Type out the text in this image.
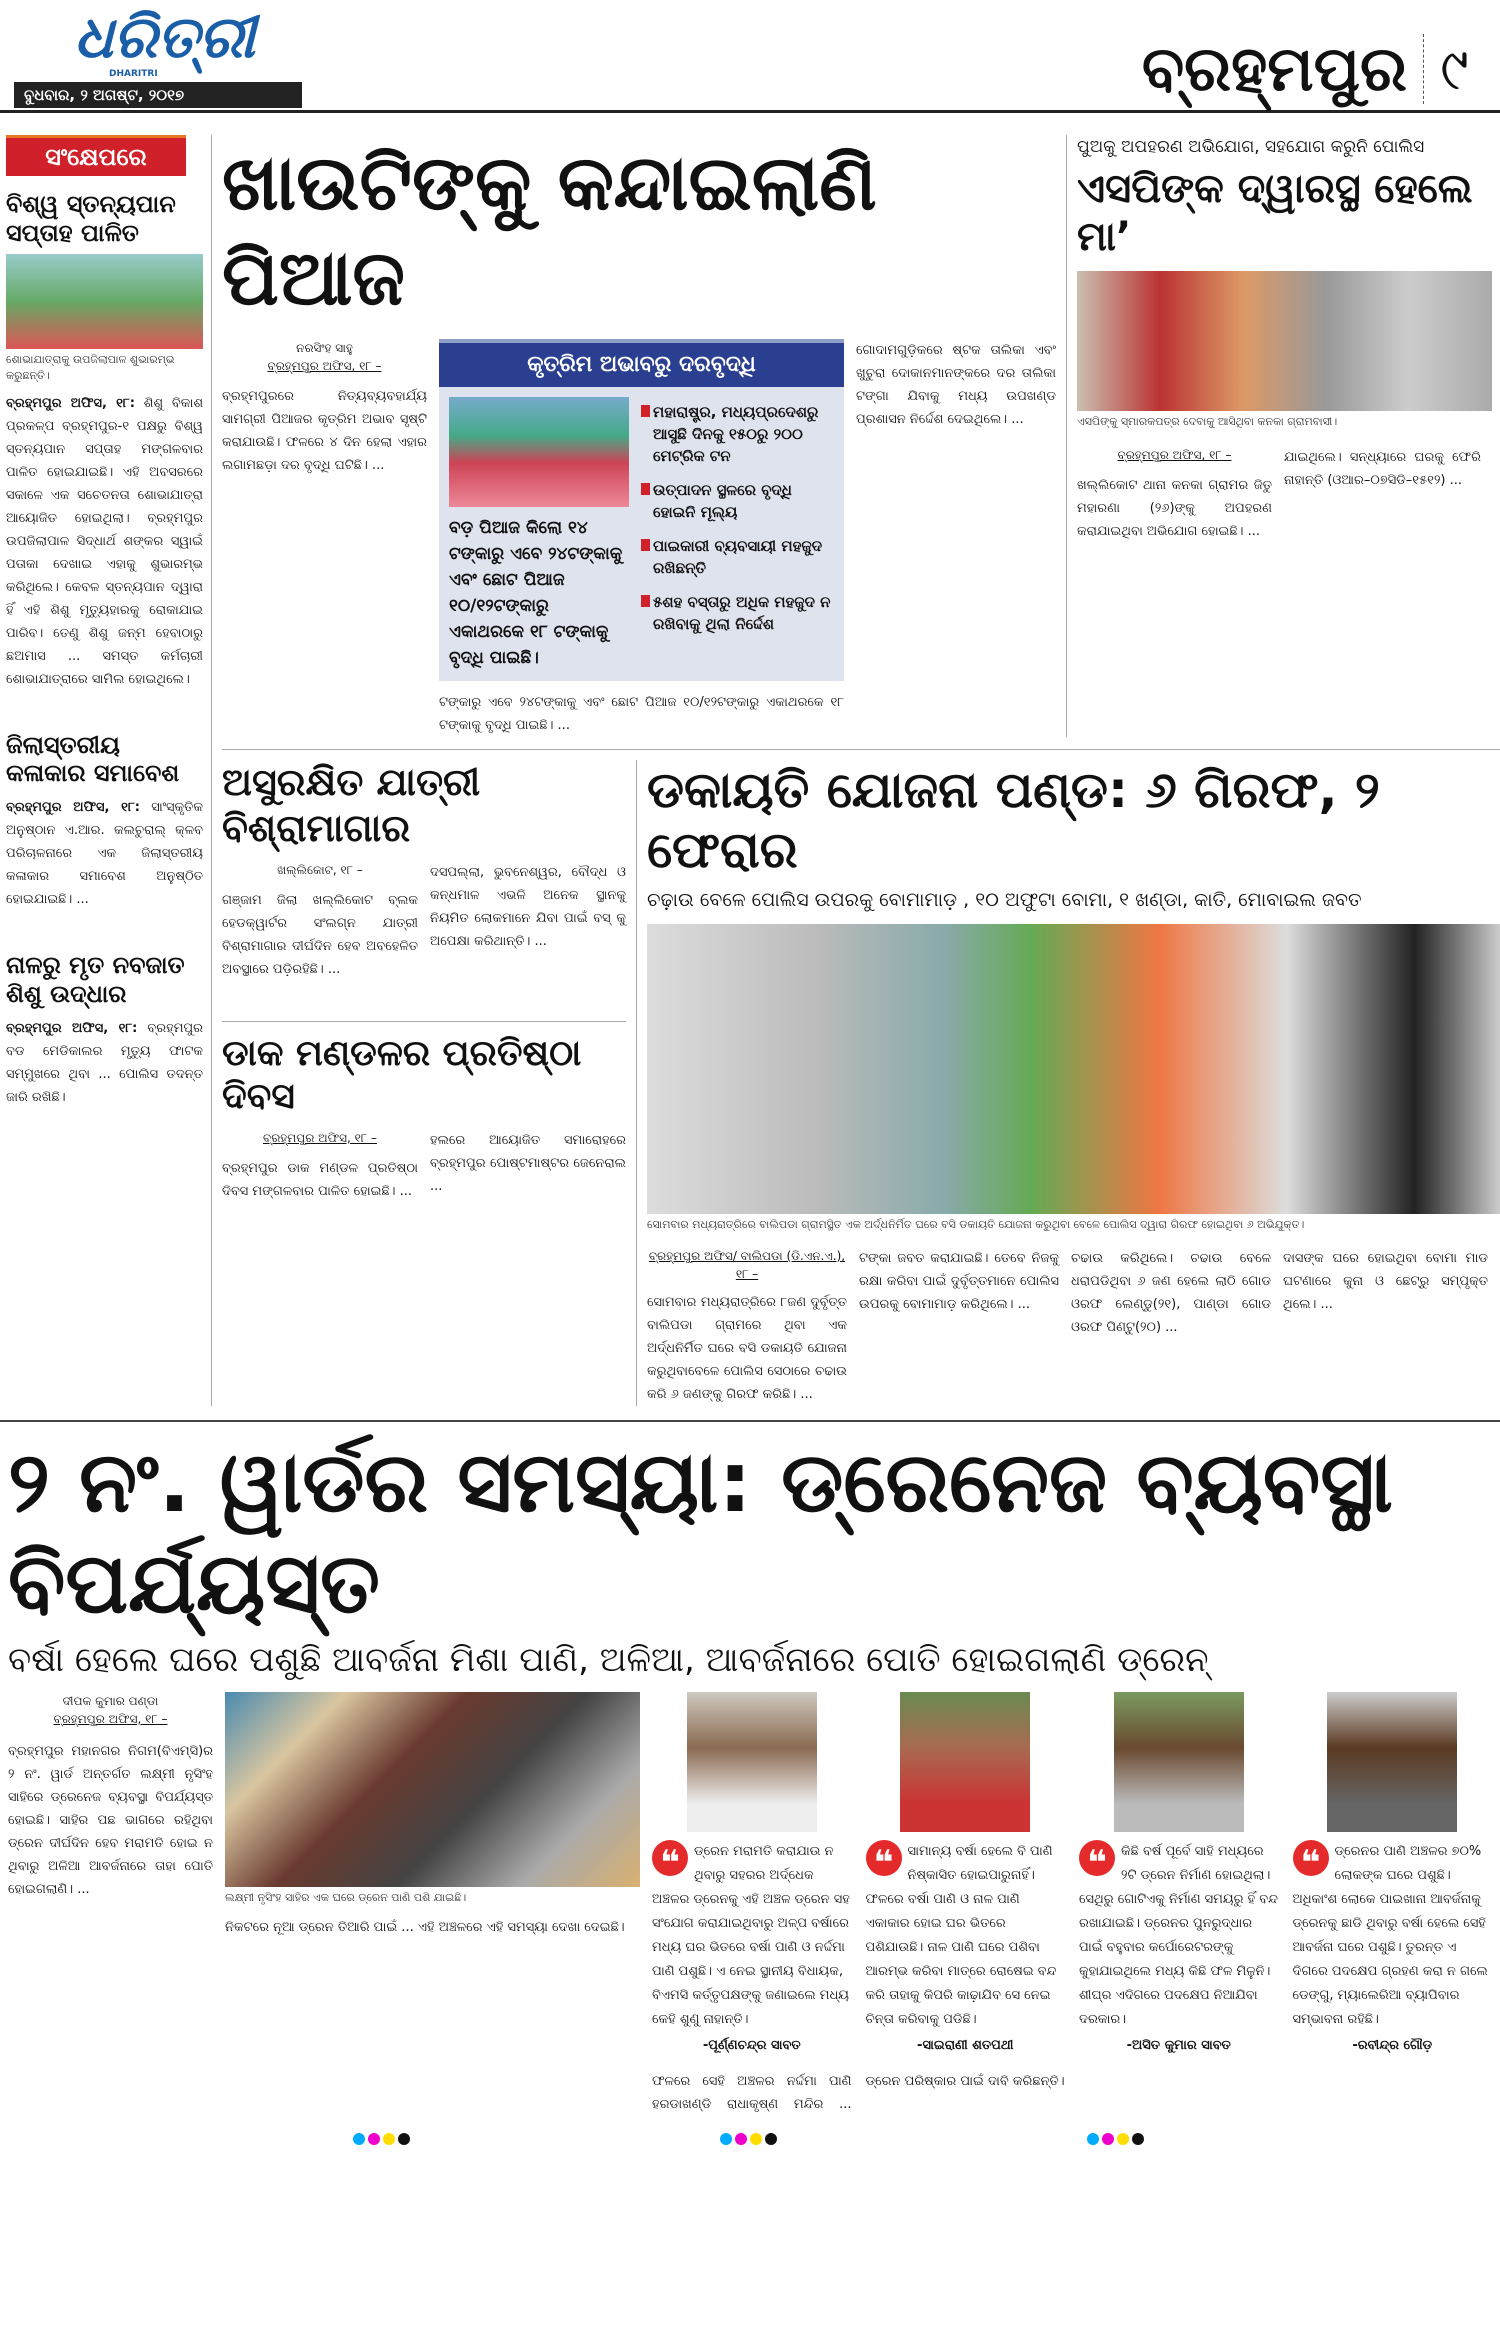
ଧରିତ୍ରୀ
DHARITRI
ବୁଧବାର, ୨ ଅଗଷ୍ଟ, ୨୦୧୭	ବ୍ରହ୍ମପୁର ୯
ସଂକ୍ଷେପରେ
ବିଶ୍ୱ ସ୍ତନ୍ୟପାନ ସପ୍ତାହ ପାଳିତ
ଶୋଭାଯାତ୍ରାକୁ ଉପଜିଲାପାଳ ଶୁଭାରମ୍ଭ କରୁଛନ୍ତି।

ବ୍ରହ୍ମପୁର ଅଫିସ, ୧୮: ଶିଶୁ ବିକାଶ ପ୍ରକଳ୍ପ ବ୍ରହ୍ମପୁର-୧ ପକ୍ଷରୁ ବିଶ୍ୱ ସ୍ତନ୍ୟପାନ ସପ୍ତାହ ମଙ୍ଗଳବାର ପାଳିତ ହୋଇଯାଇଛି। ଏହି ଅବସରରେ ସକାଳେ ଏକ ସଚେତନତା ଶୋଭାଯାତ୍ରା ଆୟୋଜିତ ହୋଇଥିଲା। ବ୍ରହ୍ମପୁର ଉପଜିଲାପାଳ ସିଦ୍ଧାର୍ଥ ଶଙ୍କର ସ୍ୱାଇଁ ପତାକା ଦେଖାଇ ଏହାକୁ ଶୁଭାରମ୍ଭ କରିଥିଲେ। କେବଳ ସ୍ତନ୍ୟପାନ ଦ୍ୱାରା ହିଁ ଏହି ଶିଶୁ ମୃତ୍ୟୁହାରକୁ ରୋକାଯାଇ ପାରିବ। ତେଣୁ ଶିଶୁ ଜନ୍ମ ହେବାଠାରୁ ଛଅମାସ ... ସମସ୍ତ କର୍ମଚାରୀ ଶୋଭାଯାତ୍ରାରେ ସାମିଲ ହୋଇଥିଲେ।

ଜିଲାସ୍ତରୀୟ କଳାକାର ସମାବେଶ

ବ୍ରହ୍ମପୁର ଅଫିସ, ୧୮: ସାଂସ୍କୃତିକ ଅନୁଷ୍ଠାନ ଏ.ଆର. କଲଚୁରାଲ୍ କ୍ଳବ ପରିଚାଳନାରେ ଏକ ଜିଲାସ୍ତରୀୟ କଳାକାର ସମାବେଶ ଅନୁଷ୍ଠିତ ହୋଇଯାଇଛି। ...

ନାଳରୁ ମୃତ ନବଜାତ ଶିଶୁ ଉଦ୍ଧାର

ବ୍ରହ୍ମପୁର ଅଫିସ, ୧୮: ବ୍ରହ୍ମପୁର ବଡ ମେଡିକାଲର ମୃତ୍ୟୁ ଫାଟକ ସମ୍ମୁଖରେ ଥିବା ... ପୋଲିସ ତଦନ୍ତ ଜାରି ରଖିଛି।

ଖାଉଟିଙ୍କୁ କନ୍ଦାଇଲାଣି ପିଆଜ
ନରସିଂହ ସାହୁ
ବ୍ରହ୍ମପୁର ଅଫିସ, ୧୮ –

ବ୍ରହ୍ମପୁରରେ ନିତ୍ୟବ୍ୟବହାର୍ଯ୍ୟ ସାମଗ୍ରୀ ପିଆଜର କୃତ୍ରିମ ଅଭାବ ସୃଷ୍ଟି କରାଯାଉଛି। ଫଳରେ ୪ ଦିନ ହେଲା ଏହାର ଲଗାମଛଡ଼ା ଦର ବୃଦ୍ଧି ଘଟିଛି। ...

କୃତ୍ରିମ ଅଭାବରୁ ଦରବୃଦ୍ଧି

ବଡ଼ ପିଆଜ କିଲୋ ୧୪ ଟଙ୍କାରୁ ଏବେ ୨୪ଟଙ୍କାକୁ ଏବଂ ଛୋଟ ପିଆଜ ୧୦/୧୨ଟଙ୍କାରୁ ଏକାଥରକେ ୧୮ ଟଙ୍କାକୁ ବୃଦ୍ଧି ପାଇଛି।

ମହାରାଷ୍ଟ୍ର, ମଧ୍ୟପ୍ରଦେଶରୁ ଆସୁଛି ଦିନକୁ ୧୫୦ରୁ ୨୦୦ ମେଟ୍ରିକ ଟନ
ଉତ୍ପାଦନ ସ୍ଥଳରେ ବୃଦ୍ଧି ହୋଇନି ମୂଲ୍ୟ
ପାଇକାରୀ ବ୍ୟବସାୟୀ ମହଜୁଦ ରଖିଛନ୍ତି
୫ଶହ ବସ୍ତାରୁ ଅଧିକ ମହଜୁଦ ନ ରଖିବାକୁ ଥିଲା ନିର୍ଦ୍ଦେଶ

ଟଙ୍କାରୁ ଏବେ ୨୪ଟଙ୍କାକୁ ଏବଂ ଛୋଟ ପିଆଜ ୧୦/୧୨ଟଙ୍କାରୁ ଏକାଥରକେ ୧୮ ଟଙ୍କାକୁ ବୃଦ୍ଧି ପାଇଛି। ...

ଗୋଦାମଗୁଡ଼ିକରେ ଷ୍ଟକ ତାଲିକା ଏବଂ ଖୁଚୁରା ଦୋକାନମାନଙ୍କରେ ଦର ତାଲିକା ଟଙ୍ଗା ଯିବାକୁ ମଧ୍ୟ ଉପଖଣ୍ଡ ପ୍ରଶାସନ ନିର୍ଦ୍ଦେଶ ଦେଇଥିଲେ। ...

ପୁଅକୁ ଅପହରଣ ଅଭିଯୋଗ, ସହଯୋଗ କରୁନି ପୋଲିସ
ଏସପିଙ୍କ ଦ୍ୱାରସ୍ଥ ହେଲେ ମା’
ଏସପିଙ୍କୁ ସ୍ମାରକପତ୍ର ଦେବାକୁ ଆସିଥିବା କନକା ଗ୍ରାମବାସୀ।
ବ୍ରହ୍ମପୁର ଅଫିସ, ୧୮ –

ଖଲ୍ଲିକୋଟ ଥାନା କନକା ଗ୍ରାମର ଜିତୁ ମହାରଣା (୨୬)ଙ୍କୁ ଅପହରଣ କରାଯାଇଥିବା ଅଭିଯୋଗ ହୋଇଛି। ...

ଯାଇଥିଲେ। ସନ୍ଧ୍ୟାରେ ଘରକୁ ଫେରି ନାହାନ୍ତି (ଓଆର–୦୭ସିଡି–୧୫୧୨) ...

ଅସୁରକ୍ଷିତ ଯାତ୍ରୀ ବିଶ୍ରାମାଗାର
ଖଲ୍ଲିକୋଟ, ୧୮ –

ଗଞ୍ଜାମ ଜିଲା ଖଲ୍ଲିକୋଟ ବ୍ଲକ ହେଡକ୍ୱାର୍ଟର ସଂଲଗ୍ନ ଯାତ୍ରୀ ବିଶ୍ରାମାଗାର ଦୀର୍ଘଦିନ ହେବ ଅବହେଳିତ ଅବସ୍ଥାରେ ପଡ଼ିରହିଛି। ...

ଦସପଲ୍ଲା, ଭୁବନେଶ୍ୱର, ବୌଦ୍ଧ ଓ କନ୍ଧମାଳ ଏଭଳି ଅନେକ ସ୍ଥାନକୁ ନିୟମିତ ଲୋକମାନେ ଯିବା ପାଇଁ ବସ୍ କୁ ଅପେକ୍ଷା କରିଥାନ୍ତି। ...

ଡାକ ମଣ୍ଡଳର ପ୍ରତିଷ୍ଠା ଦିବସ
ବ୍ରହ୍ମପୁର ଅଫିସ, ୧୮ –

ବ୍ରହ୍ମପୁର ଡାକ ମଣ୍ଡଳ ପ୍ରତିଷ୍ଠା ଦିବସ ମଙ୍ଗଳବାର ପାଳିତ ହୋଇଛି। ...

ହଲରେ ଆୟୋଜିତ ସମାରୋହରେ ବ୍ରହ୍ମପୁର ପୋଷ୍ଟମାଷ୍ଟର ଜେନେରାଲ ...

ଡକାୟତି ଯୋଜନା ପଣ୍ଡ: ୬ ଗିରଫ, ୨ ଫେରାର
ଚଢ଼ାଉ ବେଳେ ପୋଲିସ ଉପରକୁ ବୋମାମାଡ଼ , ୧୦ ଅଫୁଟା ବୋମା, ୧ ଖଣ୍ଡା, କାତି, ମୋବାଇଲ ଜବତ
ସୋମବାର ମଧ୍ୟରାତ୍ରିରେ ବାଲିପଡା ଗ୍ରାମସ୍ଥିତ ଏକ ଅର୍ଦ୍ଧନିର୍ମିତ ଘରେ ବସି ଡକାୟତି ଯୋଜନା କରୁଥିବା ବେଳେ ପୋଲିସ ଦ୍ୱାରା ଗିରଫ ହୋଇଥିବା ୬ ଅଭିଯୁକ୍ତ।
ବ୍ରହ୍ମପୁର ଅଫିସ/ ବାଲିପଡା (ଡି.ଏନ.ଏ.), ୧୮ –

ସୋମବାର ମଧ୍ୟରାତ୍ରିରେ ୮ଜଣ ଦୁର୍ବୃତ୍ତ ବାଲିପଡା ଗ୍ରାମରେ ଥିବା ଏକ ଅର୍ଦ୍ଧନିର୍ମିତ ଘରେ ବସି ଡକାୟତି ଯୋଜନା କରୁଥିବାବେଳେ ପୋଲିସ ସେଠାରେ ଚଢାଉ କରି ୬ ଜଣଙ୍କୁ ଗିରଫ କରିଛି। ...

ଟଙ୍କା ଜବତ କରାଯାଇଛି। ତେବେ ନିଜକୁ ରକ୍ଷା କରିବା ପାଇଁ ଦୁର୍ବୃତ୍ତମାନେ ପୋଲିସ ଉପରକୁ ବୋମାମାଡ଼ କରିଥିଲେ। ...

ଚଢାଉ କରିଥିଲେ। ଚଢାଉ ବେଳେ ଧରାପଡିଥିବା ୬ ଜଣ ହେଲେ ଲାଠି ଗୋଡ ଓରଫ ଲେଣ୍ଡୁ(୨୧), ପାଣ୍ଡା ଗୋଡ ଓରଫ ପିଣ୍ଟୁ(୨୦) ...

ଦାସଙ୍କ ଘରେ ହୋଇଥିବା ବୋମା ମାଡ ଘଟଣାରେ କୁନା ଓ ଛେଟ୍ରୁ ସମ୍ପୃକ୍ତ ଥିଲେ। ...

୨ ନଂ. ୱାର୍ଡର ସମସ୍ୟା: ଡ୍ରେନେଜ ବ୍ୟବସ୍ଥା ବିପର୍ଯ୍ୟସ୍ତ
ବର୍ଷା ହେଲେ ଘରେ ପଶୁଛି ଆବର୍ଜନା ମିଶା ପାଣି, ଅଳିଆ, ଆବର୍ଜନାରେ ପୋତି ହୋଇଗଲାଣି ଡ୍ରେନ୍
ଦୀପକ କୁମାର ପଣ୍ଡା
ବ୍ରହ୍ମପୁର ଅଫିସ, ୧୮ –

ବ୍ରହ୍ମପୁର ମହାନଗର ନିଗମ(ବିଏମ୍‌ସି)ର ୨ ନଂ. ୱାର୍ଡ ଅନ୍ତର୍ଗତ ଲକ୍ଷ୍ମୀ ନୃସିଂହ ସାହିରେ ଡ୍ରେନେଜ ବ୍ୟବସ୍ଥା ବିପର୍ଯ୍ୟସ୍ତ ହୋଇଛି। ସାହିର ପଛ ଭାଗରେ ରହିଥିବା ଡ୍ରେନ ଦୀର୍ଘଦିନ ହେବ ମରାମତି ହୋଇ ନ ଥିବାରୁ ଅଳିଆ ଆବର୍ଜନାରେ ତାହା ପୋତି ହୋଇଗଲାଣି। ...

ଲକ୍ଷ୍ମୀ ନୃସିଂହ ସାହିର ଏକ ଘରେ ଡ୍ରେନ ପାଣି ପଶି ଯାଇଛି।

ନିକଟରେ ନୂଆ ଡ୍ରେନ ତିଆରି ପାଇଁ ... ଏହି ଅଞ୍ଚଳରେ ଏହି ସମସ୍ୟା ଦେଖା ଦେଇଛି।

❝	ଡ୍ରେନ ମରାମତି କରାଯାଉ ନ ଥିବାରୁ ସହରର ଅର୍ଦ୍ଧେକ ଅଞ୍ଚଳର ଡ୍ରେନକୁ ଏହି ଅଞ୍ଚଳ ଡ୍ରେନ ସହ ସଂଯୋଗ କରାଯାଇଥିବାରୁ ଅଳ୍ପ ବର୍ଷାରେ ମଧ୍ୟ ଘର ଭିତରେ ବର୍ଷା ପାଣି ଓ ନର୍ଦ୍ଦମା ପାଣି ପଶୁଛି। ଏ ନେଇ ସ୍ଥାନୀୟ ବିଧାୟକ, ବିଏମସି କର୍ତ୍ତୃପକ୍ଷଙ୍କୁ ଜଣାଇଲେ ମଧ୍ୟ କେହି ଶୁଣୁ ନାହାନ୍ତି।
-ପୂର୍ଣ୍ଣଚନ୍ଦ୍ର ସାବତ
❝	ସାମାନ୍ୟ ବର୍ଷା ହେଲେ ବି ପାଣି ନିଷ୍କାସିତ ହୋଇପାରୁନାହିଁ। ଫଳରେ ବର୍ଷା ପାଣି ଓ ନାଳ ପାଣି ଏକାକାର ହୋଇ ଘର ଭିତରେ ପଶିଯାଉଛି। ନାଳ ପାଣି ଘରେ ପଶିବା ଆରମ୍ଭ କରିବା ମାତ୍ରେ ରୋଷେଇ ବନ୍ଦ କରି ତାହାକୁ କିପରି କାଢ଼ାଯିବ ସେ ନେଇ ଚିନ୍ତା କରିବାକୁ ପଡିଛି।
-ସାଇରାଣୀ ଶତପଥୀ
❝	କିଛି ବର୍ଷ ପୂର୍ବେ ସାହି ମଧ୍ୟରେ ୨ଟି ଡ୍ରେନ ନିର୍ମାଣ ହୋଇଥିଲା। ସେଥିରୁ ଗୋଟିଏକୁ ନିର୍ମାଣ ସମୟରୁ ହିଁ ବନ୍ଦ ରଖାଯାଇଛି। ଡ୍ରେନର ପୁନରୁଦ୍ଧାର ପାଇଁ ବହୁବାର କର୍ପୋରେଟରଙ୍କୁ କୁହାଯାଇଥିଲେ ମଧ୍ୟ କିଛି ଫଳ ମିଳୁନି। ଶୀଘ୍ର ଏଦିଗରେ ପଦକ୍ଷେପ ନିଆଯିବା ଦରକାର।
-ଅସିତ କୁମାର ସାବତ
❝	ଡ୍ରେନର ପାଣି ଅଞ୍ଚଳର ୭୦% ଲୋକଙ୍କ ଘରେ ପଶୁଛି। ଅଧିକାଂଶ ଲୋକେ ପାଇଖାନା ଆବର୍ଜନାକୁ ଡ୍ରେନକୁ ଛାଡି ଥିବାରୁ ବର୍ଷା ହେଲେ ସେହି ଆବର୍ଜନା ଘରେ ପଶୁଛି। ତୁରନ୍ତ ଏ ଦିଗରେ ପଦକ୍ଷେପ ଗ୍ରହଣ କରା ନ ଗଲେ ଡେଙ୍ଗୁ, ମ୍ୟାଲେରିଆ ବ୍ୟାପିବାର ସମ୍ଭାବନା ରହିଛି।
-ରବୀନ୍ଦ୍ର ଗୌଡ଼

ଫଳରେ ସେହି ଅଞ୍ଚଳର ନର୍ଦ୍ଦମା ପାଣି ହରଡାଖଣ୍ଡି ରାଧାକୃଷ୍ଣ ମନ୍ଦିର ... ଡ୍ରେନ ପରିଷ୍କାର ପାଇଁ ଦାବି କରିଛନ୍ତି।
